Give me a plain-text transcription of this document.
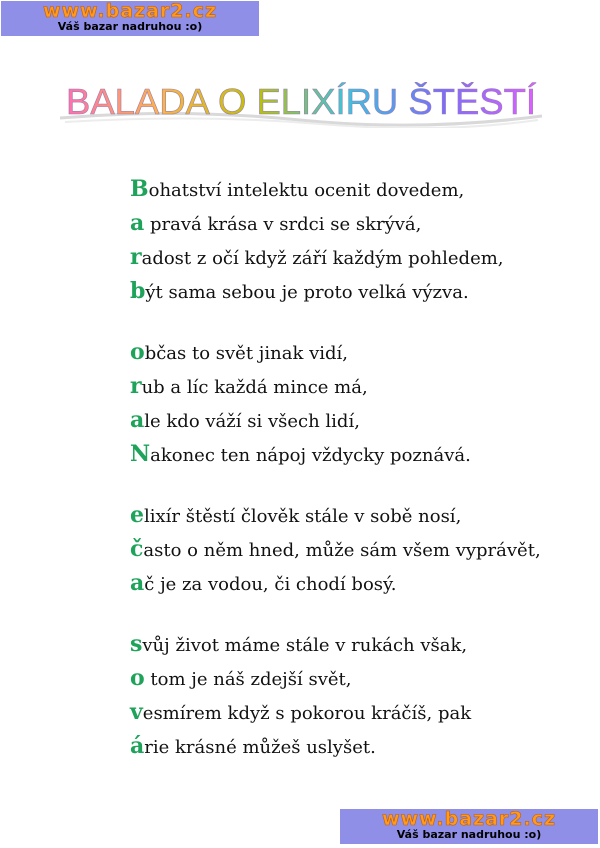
www.bazar2.cz
Váš bazar nadruhou :o)
BALADA O ELIXÍRU ŠTĚSTÍ
Bohatství intelektu ocenit dovedem,
a pravá krása v srdci se skrývá,
radost z očí když září každým pohledem,
být sama sebou je proto velká výzva.
občas to svět jinak vidí,
rub a líc každá mince má,
ale kdo váží si všech lidí,
Nakonec ten nápoj vždycky poznává.
elixír štěstí člověk stále v sobě nosí,
často o něm hned, může sám všem vyprávět,
ač je za vodou, či chodí bosý.
svůj život máme stále v rukách však,
o tom je náš zdejší svět,
vesmírem když s pokorou kráčíš, pak
árie krásné můžeš uslyšet.
www.bazar2.cz
Váš bazar nadruhou :o)
